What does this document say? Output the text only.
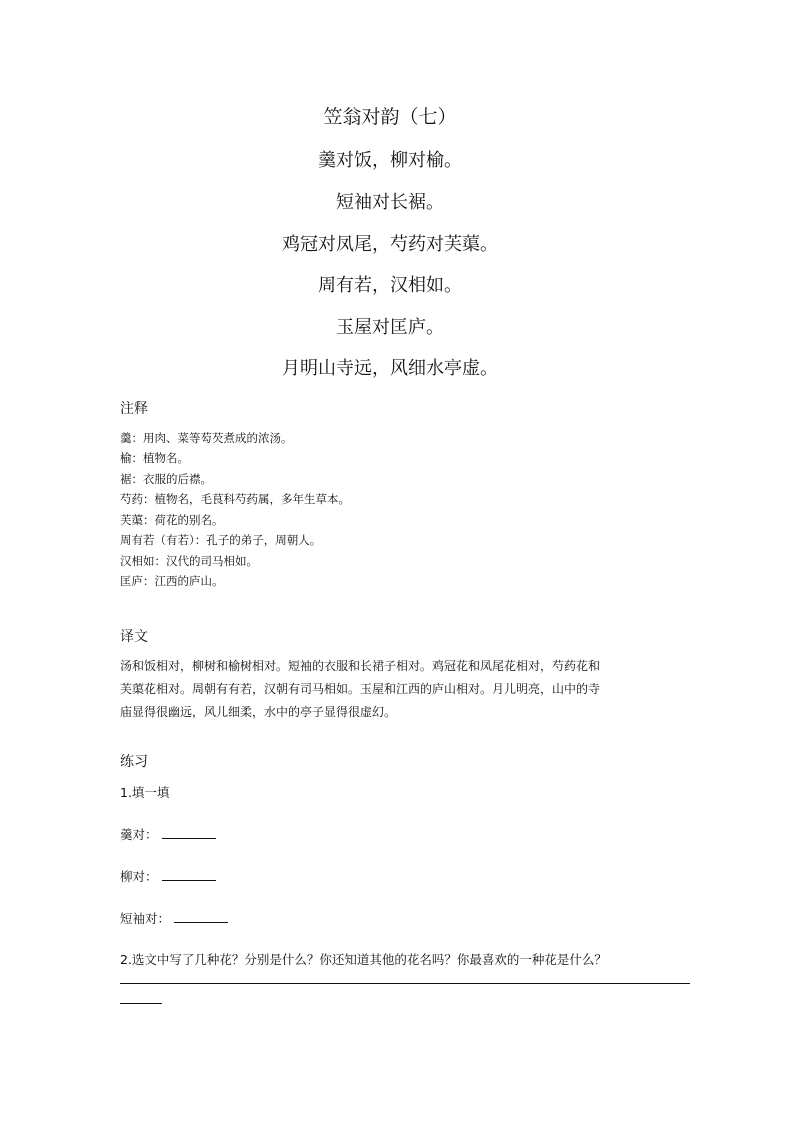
笠翁对韵（七）
羹对饭，柳对榆。
短袖对长裾。
鸡冠对凤尾，芍药对芙蕖。
周有若，汉相如。
玉屋对匡庐。
月明山寺远，风细水亭虚。
注释
羹：用肉、菜等芶芡煮成的浓汤。
榆：植物名。
裾：衣服的后襟。
芍药：植物名，毛茛科芍药属，多年生草本。
芙蕖：荷花的别名。
周有若（有若）：孔子的弟子，周朝人。
汉相如：汉代的司马相如。
匡庐：江西的庐山。
译文
汤和饭相对，柳树和榆树相对。短袖的衣服和长裙子相对。鸡冠花和凤尾花相对，芍药花和
芙蕖花相对。周朝有有若，汉朝有司马相如。玉屋和江西的庐山相对。月儿明亮，山中的寺
庙显得很幽远，风儿细柔，水中的亭子显得很虚幻。
练习
1.填一填
羹对：
柳对：
短袖对：
2.选文中写了几种花？分别是什么？你还知道其他的花名吗？你最喜欢的一种花是什么？
